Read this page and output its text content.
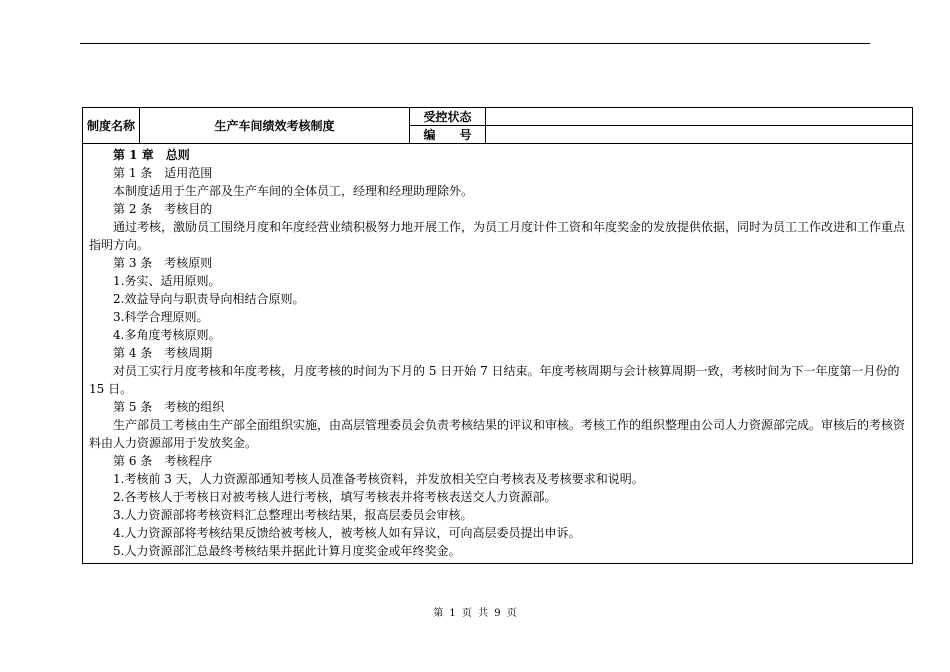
制度名称	生产车间绩效考核制度	受控状态	
		编　　号	

第 1 章　总则

第 1 条　适用范围

本制度适用于生产部及生产车间的全体员工，经理和经理助理除外。

第 2 条　考核目的

通过考核，激励员工围绕月度和年度经营业绩积极努力地开展工作，为员工月度计件工资和年度奖金的发放提供依据，同时为员工工作改进和工作重点指明方向。

第 3 条　考核原则

1.务实、适用原则。

2.效益导向与职责导向相结合原则。

3.科学合理原则。

4.多角度考核原则。

第 4 条　考核周期

对员工实行月度考核和年度考核，月度考核的时间为下月的 5 日开始 7 日结束。年度考核周期与会计核算周期一致，考核时间为下一年度第一月份的 15 日。

第 5 条　考核的组织

生产部员工考核由生产部全面组织实施，由高层管理委员会负责考核结果的评议和审核。考核工作的组织整理由公司人力资源部完成。审核后的考核资料由人力资源部用于发放奖金。

第 6 条　考核程序

1.考核前 3 天，人力资源部通知考核人员准备考核资料，并发放相关空白考核表及考核要求和说明。

2.各考核人于考核日对被考核人进行考核，填写考核表并将考核表送交人力资源部。

3.人力资源部将考核资料汇总整理出考核结果，报高层委员会审核。

4.人力资源部将考核结果反馈给被考核人，被考核人如有异议，可向高层委员提出申诉。

5.人力资源部汇总最终考核结果并据此计算月度奖金或年终奖金。

第 1 页 共 9 页
